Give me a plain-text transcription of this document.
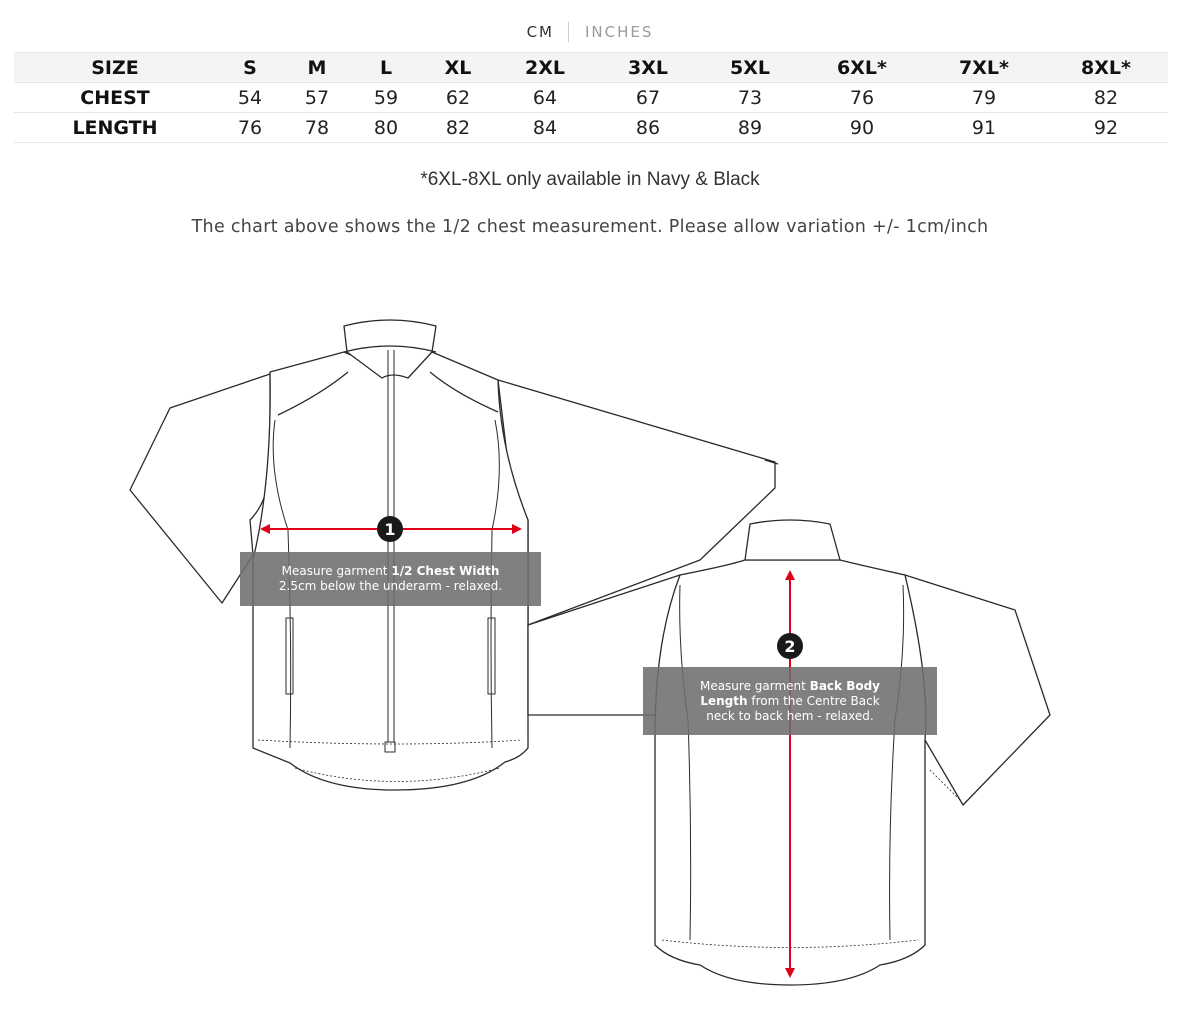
CM INCHES
SIZE	S	M	L	XL	2XL	3XL	5XL	6XL*	7XL*	8XL*
CHEST	54	57	59	62	64	67	73	76	79	82
LENGTH	76	78	80	82	84	86	89	90	91	92
*6XL-8XL only available in Navy & Black
The chart above shows the 1/2 chest measurement. Please allow variation +/- 1cm/inch
1
2
Measure garment 1/2 Chest Width
2.5cm below the underarm - relaxed.
Measure garment Back Body
Length from the Centre Back
neck to back hem - relaxed.
